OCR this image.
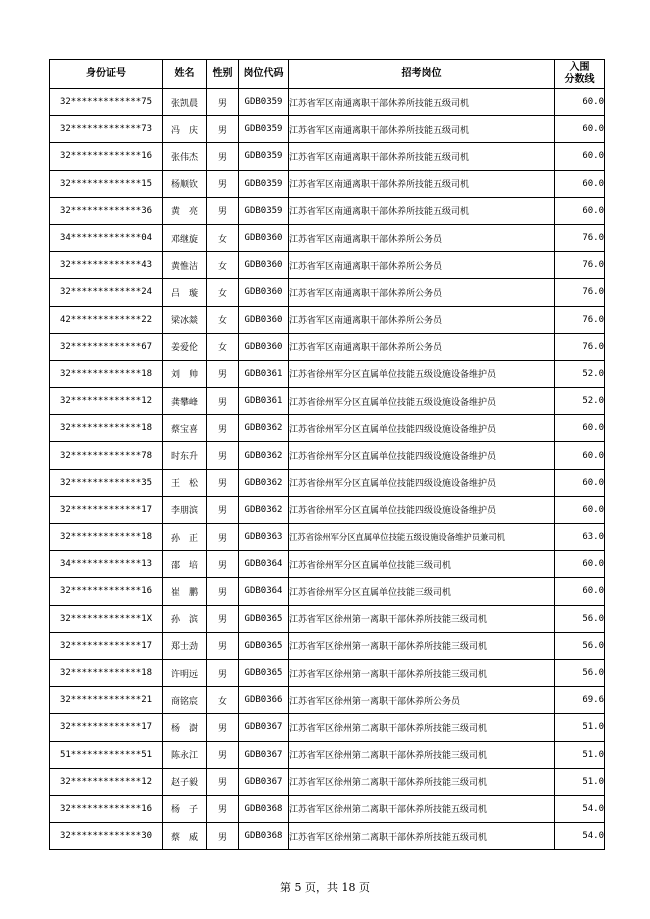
身份证号	姓名	性别	岗位代码	招考岗位	入围
分数线
32*************75	张凯晨	男	GDB0359	江苏省军区南通离职干部休养所技能五级司机	60.0
32*************73	冯　庆	男	GDB0359	江苏省军区南通离职干部休养所技能五级司机	60.0
32*************16	张伟杰	男	GDB0359	江苏省军区南通离职干部休养所技能五级司机	60.0
32*************15	杨顺钦	男	GDB0359	江苏省军区南通离职干部休养所技能五级司机	60.0
32*************36	黄　亮	男	GDB0359	江苏省军区南通离职干部休养所技能五级司机	60.0
34*************04	邓继旋	女	GDB0360	江苏省军区南通离职干部休养所公务员	76.0
32*************43	黄惟洁	女	GDB0360	江苏省军区南通离职干部休养所公务员	76.0
32*************24	吕　璇	女	GDB0360	江苏省军区南通离职干部休养所公务员	76.0
42*************22	梁冰燚	女	GDB0360	江苏省军区南通离职干部休养所公务员	76.0
32*************67	姜爱伦	女	GDB0360	江苏省军区南通离职干部休养所公务员	76.0
32*************18	刘　帅	男	GDB0361	江苏省徐州军分区直属单位技能五级设施设备维护员	52.0
32*************12	龚攀峰	男	GDB0361	江苏省徐州军分区直属单位技能五级设施设备维护员	52.0
32*************18	蔡宝喜	男	GDB0362	江苏省徐州军分区直属单位技能四级设施设备维护员	60.0
32*************78	时东升	男	GDB0362	江苏省徐州军分区直属单位技能四级设施设备维护员	60.0
32*************35	王　松	男	GDB0362	江苏省徐州军分区直属单位技能四级设施设备维护员	60.0
32*************17	李朋滨	男	GDB0362	江苏省徐州军分区直属单位技能四级设施设备维护员	60.0
32*************18	孙　正	男	GDB0363	江苏省徐州军分区直属单位技能五级设施设备维护员兼司机	63.0
34*************13	邵　培	男	GDB0364	江苏省徐州军分区直属单位技能三级司机	60.0
32*************16	崔　鹏	男	GDB0364	江苏省徐州军分区直属单位技能三级司机	60.0
32*************1X	孙　滨	男	GDB0365	江苏省军区徐州第一离职干部休养所技能三级司机	56.0
32*************17	郑士劲	男	GDB0365	江苏省军区徐州第一离职干部休养所技能三级司机	56.0
32*************18	许明远	男	GDB0365	江苏省军区徐州第一离职干部休养所技能三级司机	56.0
32*************21	商铭宸	女	GDB0366	江苏省军区徐州第一离职干部休养所公务员	69.6
32*************17	杨　澍	男	GDB0367	江苏省军区徐州第二离职干部休养所技能三级司机	51.0
51*************51	陈永江	男	GDB0367	江苏省军区徐州第二离职干部休养所技能三级司机	51.0
32*************12	赵子毅	男	GDB0367	江苏省军区徐州第二离职干部休养所技能三级司机	51.0
32*************16	杨　子	男	GDB0368	江苏省军区徐州第二离职干部休养所技能五级司机	54.0
32*************30	蔡　威	男	GDB0368	江苏省军区徐州第二离职干部休养所技能五级司机	54.0
第 5 页，共 18 页
